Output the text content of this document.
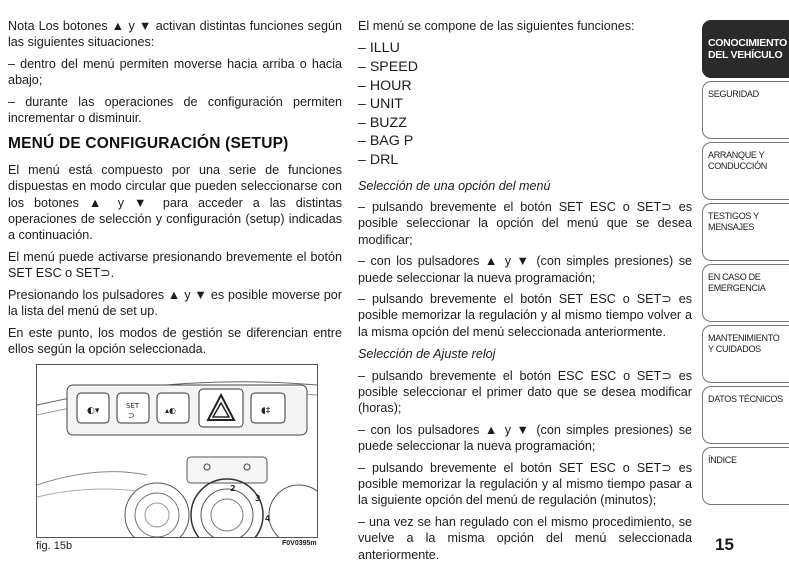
Nota Los botones ▲ y ▼ activan distintas funciones según las siguientes situaciones:

– dentro del menú permiten moverse hacia arriba o hacia abajo;

– durante las operaciones de configuración permiten incrementar o disminuir.

MENÚ DE CONFIGURACIÓN (SETUP)

El menú está compuesto por una serie de funciones dispuestas en modo circular que pueden seleccionarse con los botones ▲ y ▼ para acceder a las distintas operaciones de selección y configuración (setup) indicadas a continuación.

El menú puede activarse presionando brevemente el botón SET ESC o SET⊃.

Presionando los pulsadores ▲ y ▼ es posible moverse por la lista del menú de set up.

En este punto, los modos de gestión se diferencian entre ellos según la opción seleccionada.

◐▾	SET
⊃
▴◐	◖‡
2
3
4
fig. 15b	F0V0395m

El menú se compone de las siguientes funciones:

– ILLU
– SPEED
– HOUR
– UNIT
– BUZZ
– BAG P
– DRL
Selección de una opción del menú

– pulsando brevemente el botón SET ESC o SET⊃ es posible seleccionar la opción del menú que se desea modificar;

– con los pulsadores ▲ y ▼ (con simples presiones) se puede seleccionar la nueva programación;

– pulsando brevemente el botón SET ESC o SET⊃ es posible memorizar la regulación y al mismo tiempo volver a la misma opción del menú seleccionada anteriormente.

Selección de Ajuste reloj

– pulsando brevemente el botón ESC ESC o SET⊃ es posible seleccionar el primer dato que se desea modificar (horas);

– con los pulsadores ▲ y ▼ (con simples presiones) se puede seleccionar la nueva programación;

– pulsando brevemente el botón SET ESC o SET⊃ es posible memorizar la regulación y al mismo tiempo pasar a la siguiente opción del menú de regulación (minutos);

– una vez se han regulado con el mismo procedimiento, se vuelve a la misma opción del menú seleccionada anteriormente.

CONOCIMIENTO DEL VEHÍCULO
SEGURIDAD
ARRANQUE Y CONDUCCIÓN
TESTIGOS Y MENSAJES
EN CASO DE EMERGENCIA
MANTENIMIENTO Y CUIDADOS
DATOS TÉCNICOS
ÍNDICE
15
